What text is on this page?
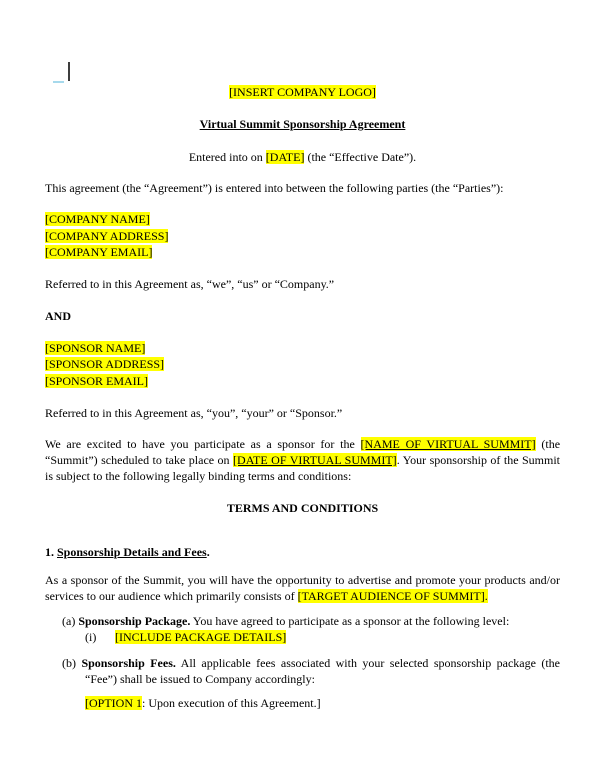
[INSERT COMPANY LOGO]

Virtual Summit Sponsorship Agreement

Entered into on [DATE] (the “Effective Date”).

This agreement (the “Agreement”) is entered into between the following parties (the “Parties”):

[COMPANY NAME]
[COMPANY ADDRESS]
[COMPANY EMAIL]

Referred to in this Agreement as, “we”, “us” or “Company.”

AND

[SPONSOR NAME]
[SPONSOR ADDRESS]
[SPONSOR EMAIL]

Referred to in this Agreement as, “you”, “your” or “Sponsor.”

We are excited to have you participate as a sponsor for the [NAME OF VIRTUAL SUMMIT] (the “Summit”) scheduled to take place on [DATE OF VIRTUAL SUMMIT]. Your sponsorship of the Summit is subject to the following legally binding terms and conditions:

TERMS AND CONDITIONS

1. Sponsorship Details and Fees.

As a sponsor of the Summit, you will have the opportunity to advertise and promote your products and/or services to our audience which primarily consists of [TARGET AUDIENCE OF SUMMIT].

(a) Sponsorship Package. You have agreed to participate as a sponsor at the following level:

(i) [INCLUDE PACKAGE DETAILS]

(b) Sponsorship Fees. All applicable fees associated with your selected sponsorship package (the “Fee”) shall be issued to Company accordingly:

[OPTION 1: Upon execution of this Agreement.]
